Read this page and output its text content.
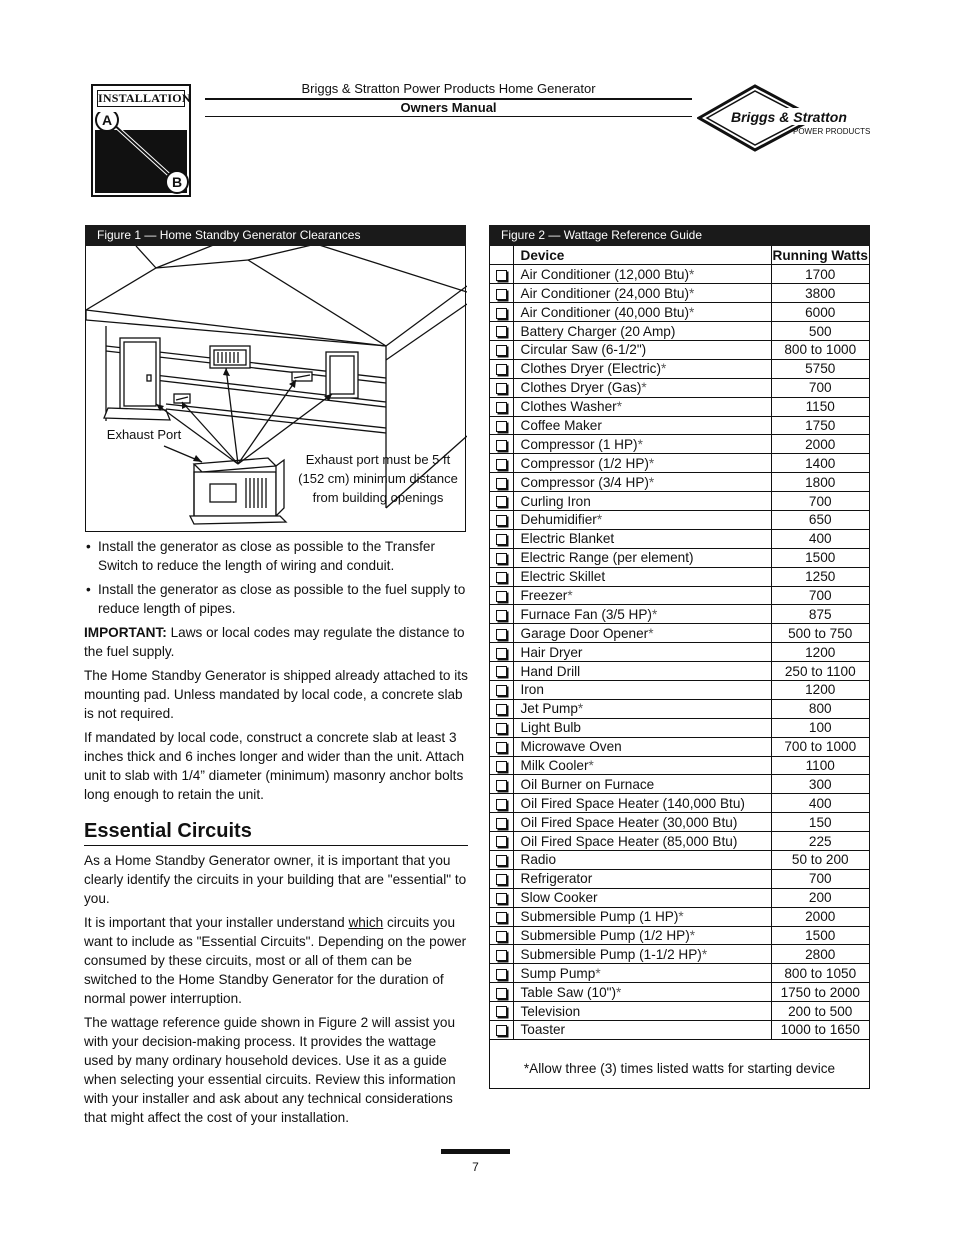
INSTALLATION
A
B
Briggs & Stratton Power Products Home Generator
Owners Manual
Briggs & Stratton
POWER PRODUCTS
Figure 1 — Home Standby Generator Clearances
Exhaust Port
Exhaust port must be 5 ft (152 cm) minimum distance from building openings
• Install the generator as close as possible to the Transfer Switch to reduce the length of wiring and conduit.
• Install the generator as close as possible to the fuel supply to reduce length of pipes.

IMPORTANT: Laws or local codes may regulate the distance to the fuel supply.

The Home Standby Generator is shipped already attached to its mounting pad. Unless mandated by local code, a concrete slab is not required.

If mandated by local code, construct a concrete slab at least 3 inches thick and 6 inches longer and wider than the unit. Attach unit to slab with 1/4” diameter (minimum) masonry anchor bolts long enough to retain the unit.

Essential Circuits

As a Home Standby Generator owner, it is important that you clearly identify the circuits in your building that are "essential" to you.

It is important that your installer understand which circuits you want to include as "Essential Circuits". Depending on the power consumed by these circuits, most or all of them can be switched to the Home Standby Generator for the duration of normal power interruption.

The wattage reference guide shown in Figure 2 will assist you with your decision-making process. It provides the wattage used by many ordinary household devices. Use it as a guide when selecting your essential circuits. Review this information with your installer and ask about any technical considerations that might affect the cost of your installation.

Figure 2 — Wattage Reference Guide
	Device	Running Watts
	Air Conditioner (12,000 Btu)*	1700
	Air Conditioner (24,000 Btu)*	3800
	Air Conditioner (40,000 Btu)*	6000
	Battery Charger (20 Amp)	500
	Circular Saw (6-1/2")	800 to 1000
	Clothes Dryer (Electric)*	5750
	Clothes Dryer (Gas)*	700
	Clothes Washer*	1150
	Coffee Maker	1750
	Compressor (1 HP)*	2000
	Compressor (1/2 HP)*	1400
	Compressor (3/4 HP)*	1800
	Curling Iron	700
	Dehumidifier*	650
	Electric Blanket	400
	Electric Range (per element)	1500
	Electric Skillet	1250
	Freezer*	700
	Furnace Fan (3/5 HP)*	875
	Garage Door Opener*	500 to 750
	Hair Dryer	1200
	Hand Drill	250 to 1100
	Iron	1200
	Jet Pump*	800
	Light Bulb	100
	Microwave Oven	700 to 1000
	Milk Cooler*	1100
	Oil Burner on Furnace	300
	Oil Fired Space Heater (140,000 Btu)	400
	Oil Fired Space Heater (30,000 Btu)	150
	Oil Fired Space Heater (85,000 Btu)	225
	Radio	50 to 200
	Refrigerator	700
	Slow Cooker	200
	Submersible Pump (1 HP)*	2000
	Submersible Pump (1/2 HP)*	1500
	Submersible Pump (1-1/2 HP)*	2800
	Sump Pump*	800 to 1050
	Table Saw (10")*	1750 to 2000
	Television	200 to 500
	Toaster	1000 to 1650
*Allow three (3) times listed watts for starting device
7
